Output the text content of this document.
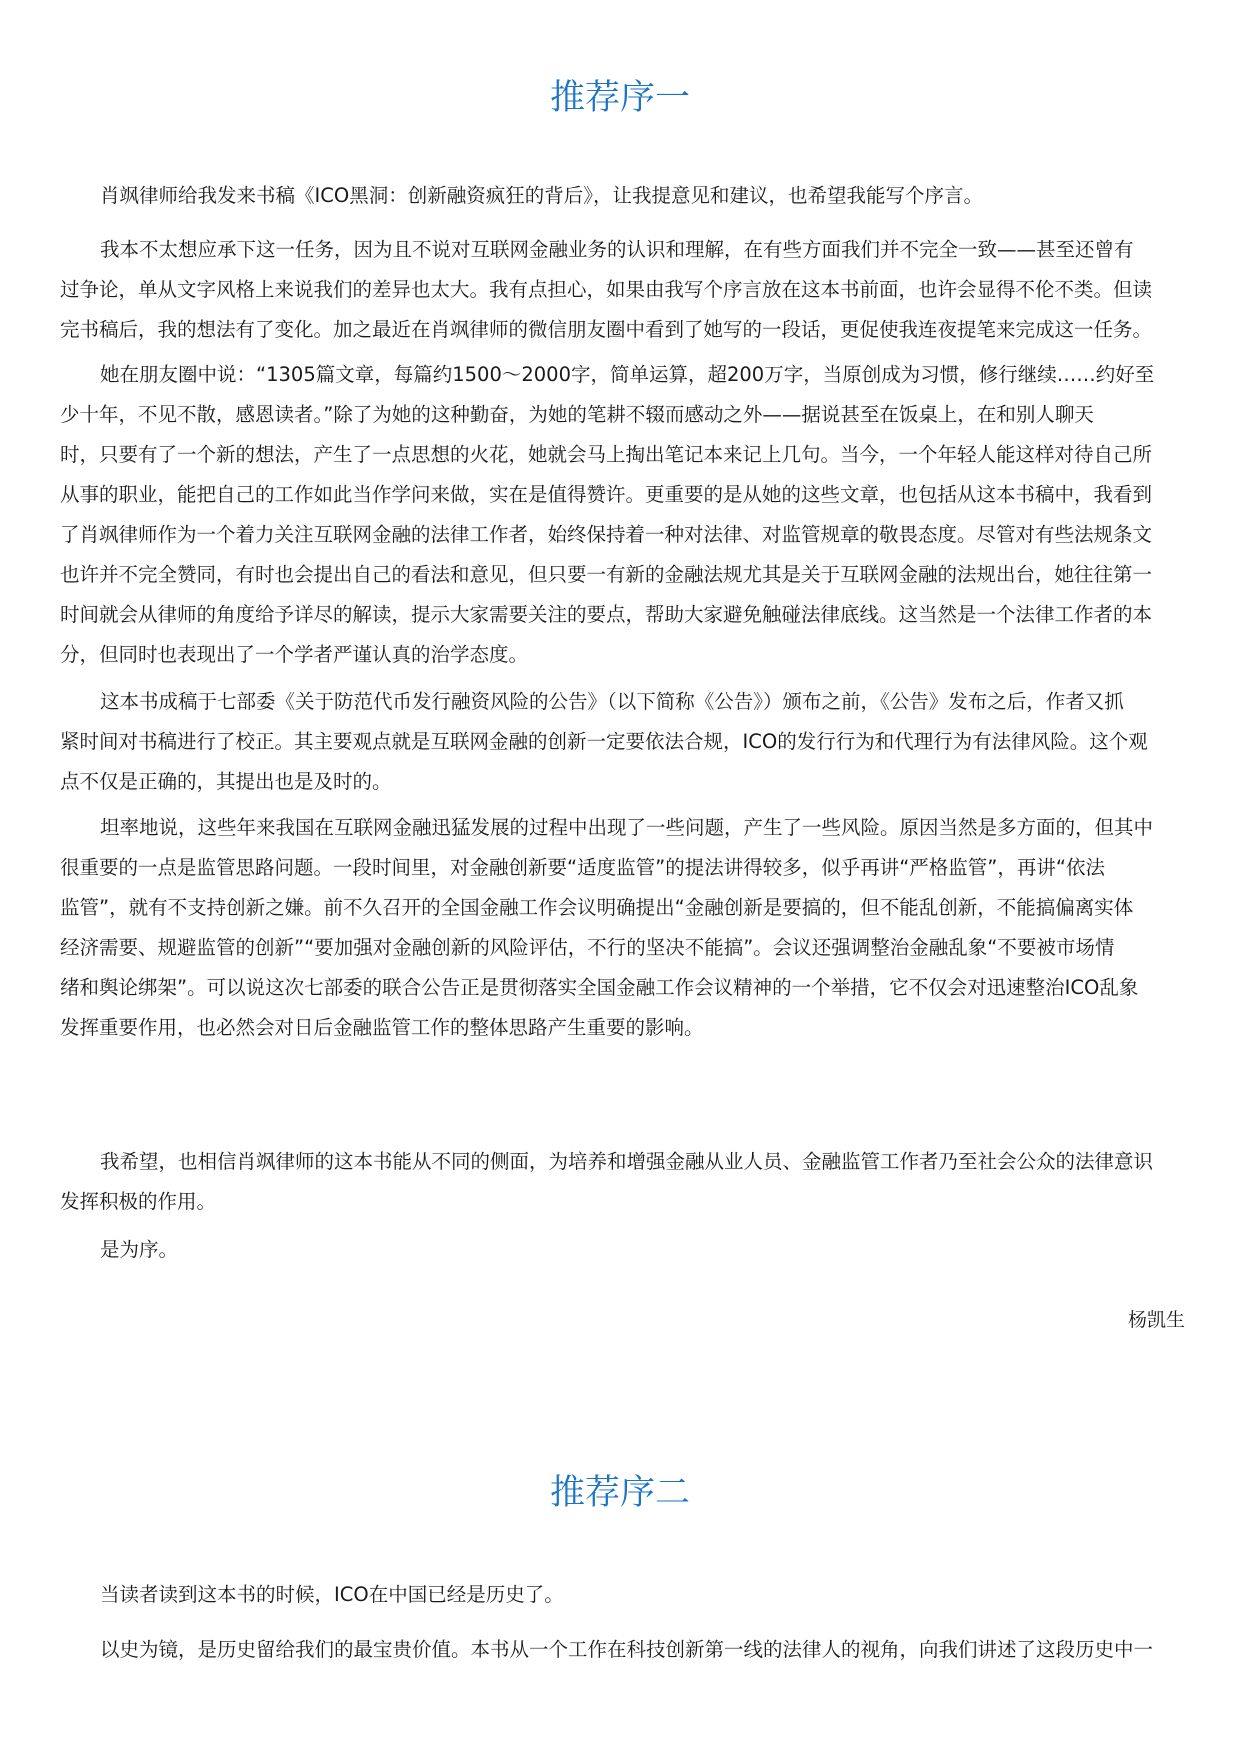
推荐序一
肖飒律师给我发来书稿《ICO黑洞：创新融资疯狂的背后》，让我提意见和建议，也希望我能写个序言。
我本不太想应承下这一任务，因为且不说对互联网金融业务的认识和理解，在有些方面我们并不完全一致——甚至还曾有
过争论，单从文字风格上来说我们的差异也太大。我有点担心，如果由我写个序言放在这本书前面，也许会显得不伦不类。但读
完书稿后，我的想法有了变化。加之最近在肖飒律师的微信朋友圈中看到了她写的一段话，更促使我连夜提笔来完成这一任务。
她在朋友圈中说：“1305篇文章，每篇约1500～2000字，简单运算，超200万字，当原创成为习惯，修行继续……约好至
少十年，不见不散，感恩读者。”除了为她的这种勤奋，为她的笔耕不辍而感动之外——据说甚至在饭桌上，在和别人聊天
时，只要有了一个新的想法，产生了一点思想的火花，她就会马上掏出笔记本来记上几句。当今，一个年轻人能这样对待自己所
从事的职业，能把自己的工作如此当作学问来做，实在是值得赞许。更重要的是从她的这些文章，也包括从这本书稿中，我看到
了肖飒律师作为一个着力关注互联网金融的法律工作者，始终保持着一种对法律、对监管规章的敬畏态度。尽管对有些法规条文
也许并不完全赞同，有时也会提出自己的看法和意见，但只要一有新的金融法规尤其是关于互联网金融的法规出台，她往往第一
时间就会从律师的角度给予详尽的解读，提示大家需要关注的要点，帮助大家避免触碰法律底线。这当然是一个法律工作者的本
分，但同时也表现出了一个学者严谨认真的治学态度。
这本书成稿于七部委《关于防范代币发行融资风险的公告》（以下简称《公告》）颁布之前，《公告》发布之后，作者又抓
紧时间对书稿进行了校正。其主要观点就是互联网金融的创新一定要依法合规，ICO的发行行为和代理行为有法律风险。这个观
点不仅是正确的，其提出也是及时的。
坦率地说，这些年来我国在互联网金融迅猛发展的过程中出现了一些问题，产生了一些风险。原因当然是多方面的，但其中
很重要的一点是监管思路问题。一段时间里，对金融创新要“适度监管”的提法讲得较多，似乎再讲“严格监管”，再讲“依法
监管”，就有不支持创新之嫌。前不久召开的全国金融工作会议明确提出“金融创新是要搞的，但不能乱创新，不能搞偏离实体
经济需要、规避监管的创新”“要加强对金融创新的风险评估，不行的坚决不能搞”。会议还强调整治金融乱象“不要被市场情
绪和舆论绑架”。可以说这次七部委的联合公告正是贯彻落实全国金融工作会议精神的一个举措，它不仅会对迅速整治ICO乱象
发挥重要作用，也必然会对日后金融监管工作的整体思路产生重要的影响。
我希望，也相信肖飒律师的这本书能从不同的侧面，为培养和增强金融从业人员、金融监管工作者乃至社会公众的法律意识
发挥积极的作用。
是为序。
杨凯生
推荐序二
当读者读到这本书的时候，ICO在中国已经是历史了。
以史为镜，是历史留给我们的最宝贵价值。本书从一个工作在科技创新第一线的法律人的视角，向我们讲述了这段历史中一
